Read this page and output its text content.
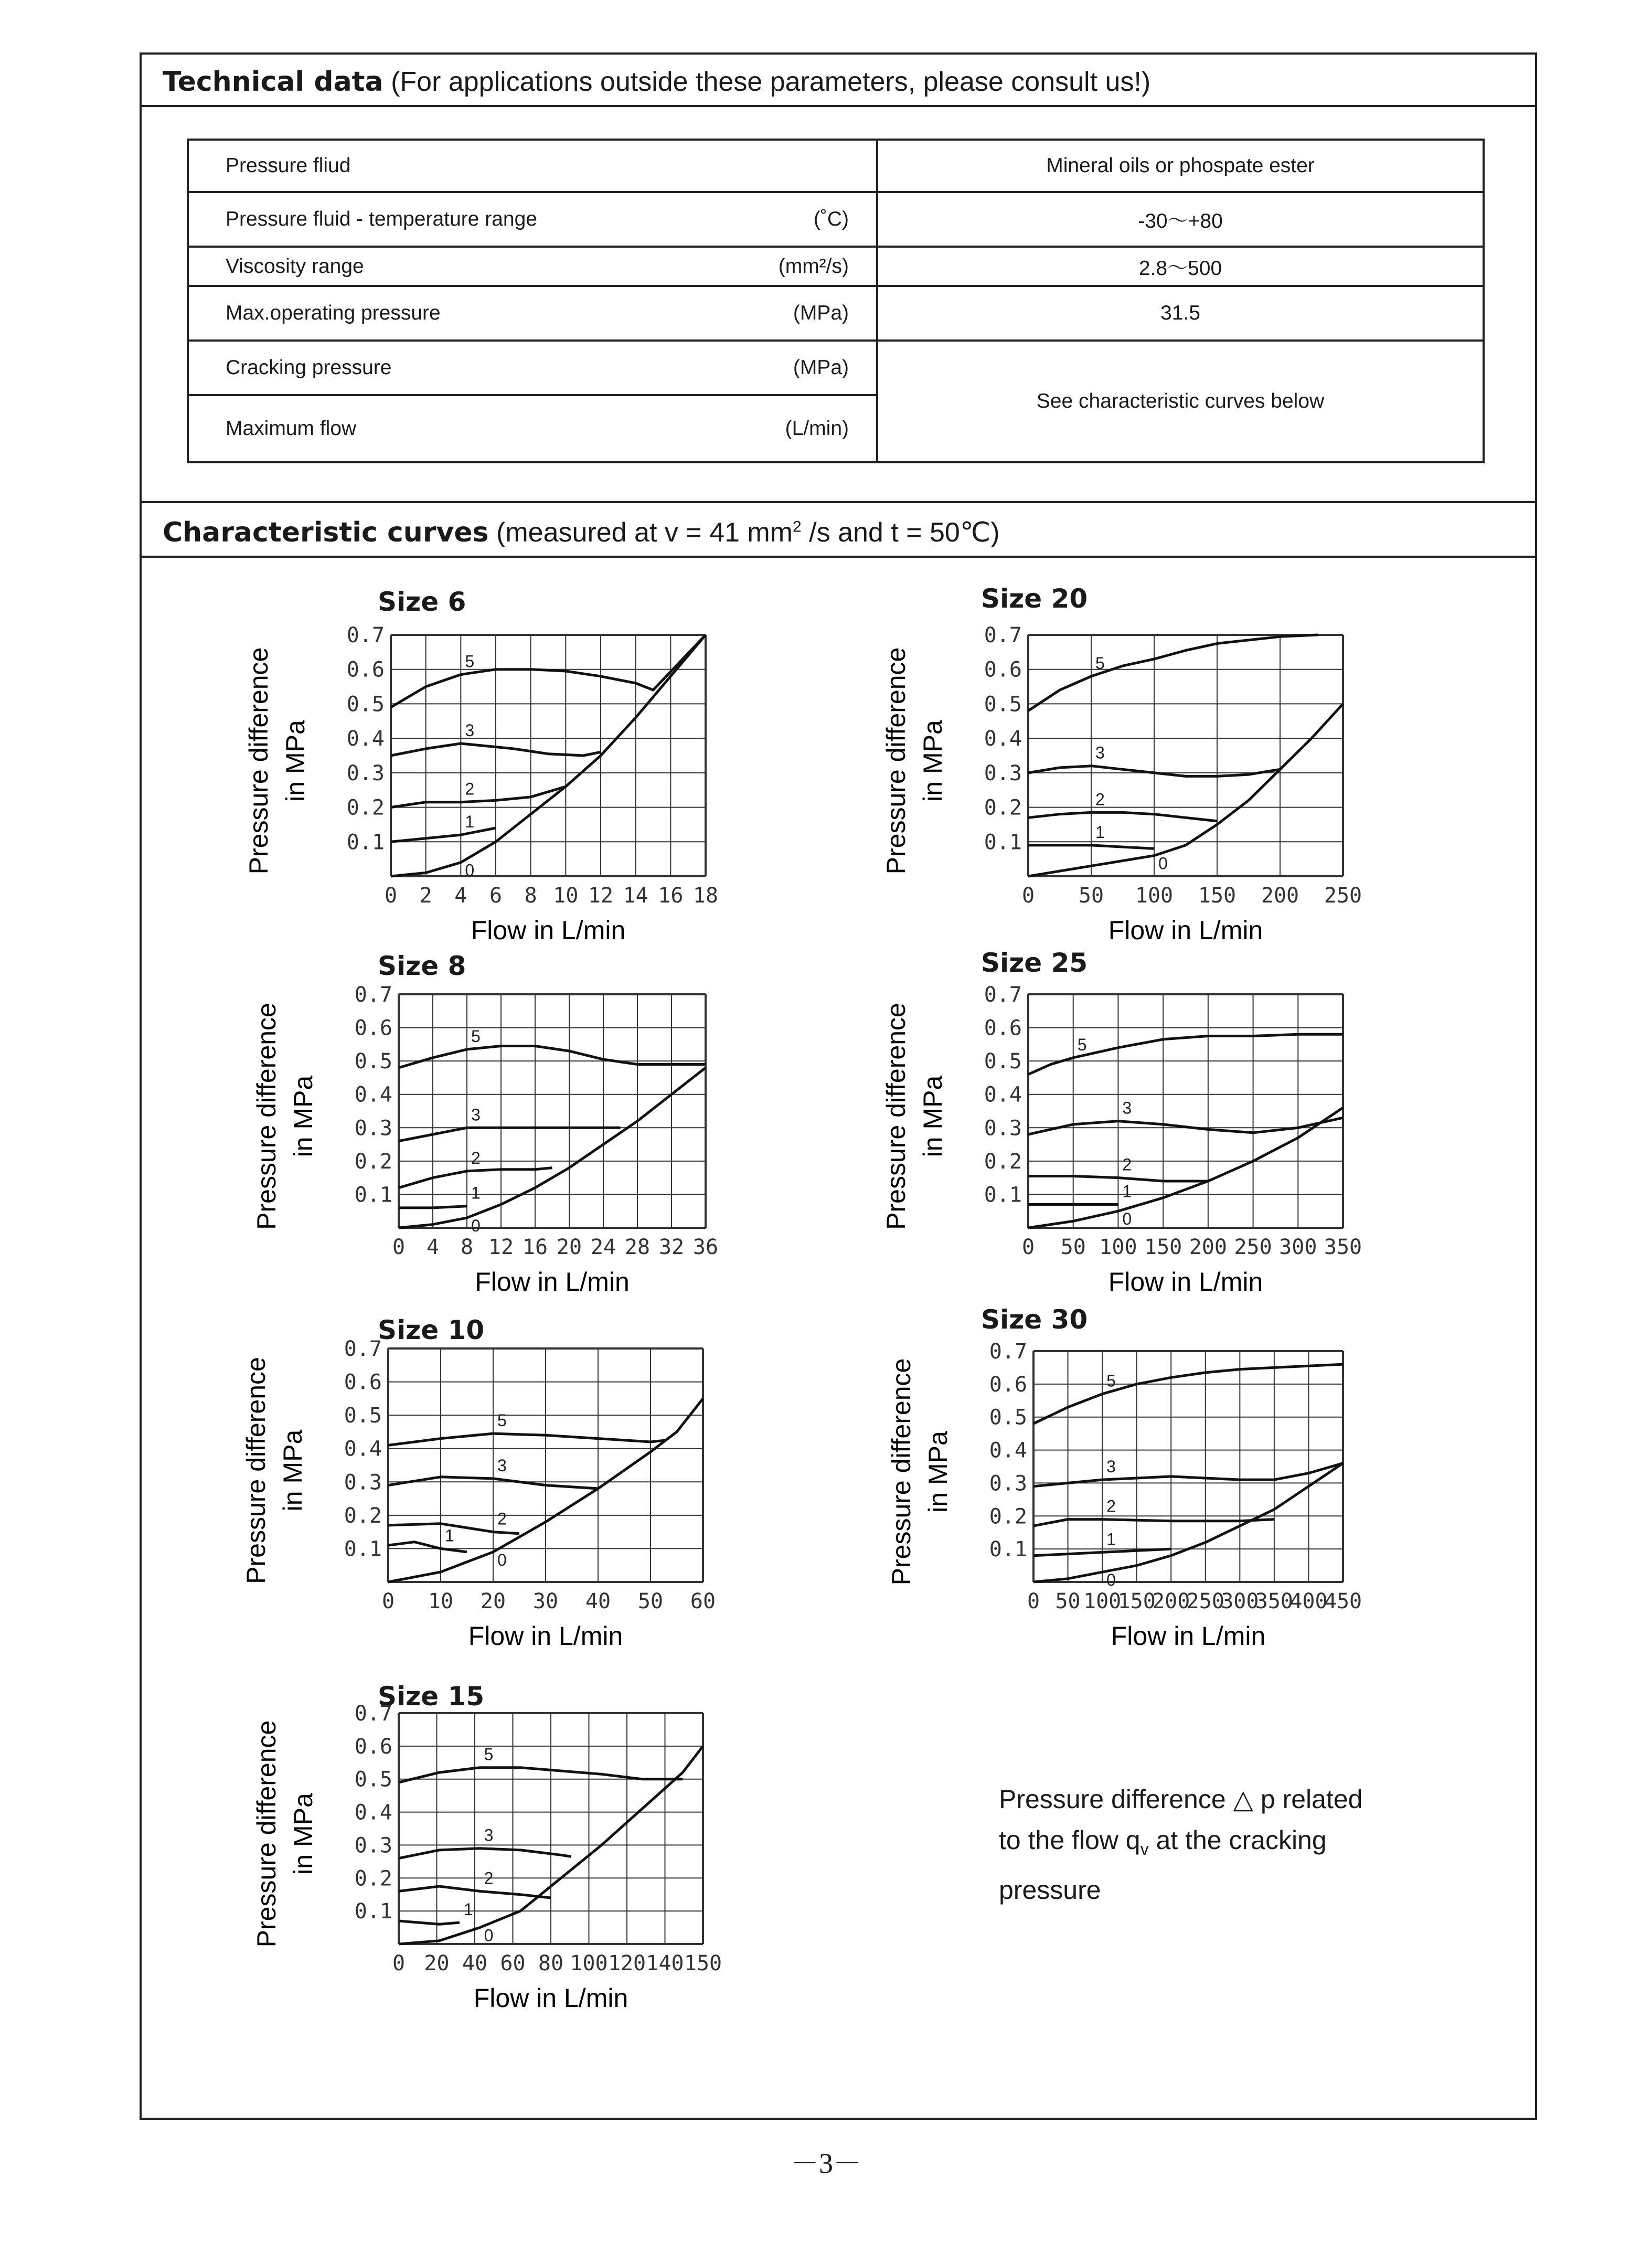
Technical data (For applications outside these parameters, please consult us!)
Pressure fliud	Mineral oils or phospate ester
Pressure fluid - temperature range (˚C)	-30～+80
Viscosity range (mm²/s)	2.8～500
Max.operating pressure (MPa)	31.5
Cracking pressure (MPa)	See characteristic curves below
Maximum flow (L/min)	
Characteristic curves (measured at v = 41 $mm^2$ /s and t = 50℃)
Size 6	Size 20
Size 8	Size 25
Size 10	Size 30
Size 15
0 2 4 6 8 10 12 14 16 18
0.1
0.2
0.3
0.4
0.5
0.6
0.7
5
3
2
1
0
Flow in L/min
Pressure difference in MPa
0 50 100 150 200 250
0.1
0.2
0.3
0.4
0.5
0.6
0.7
5
3
2
1
0
Flow in L/min
Pressure difference in MPa
0 4 8 12 16 20 24 28 32 36
0.1
0.2
0.3
0.4
0.5
0.6
0.7
5
3
2
1
0
Flow in L/min
Pressure difference in MPa
0 50 100 150 200 250 300 350
0.1
0.2
0.3
0.4
0.5
0.6
0.7
5
3
2
1
0
Flow in L/min
Pressure difference in MPa
0 10 20 30 40 50 60
0.1
0.2
0.3
0.4
0.5
0.6
0.7
5
3
2
1
0
Flow in L/min
Pressure difference in MPa
0 50 100
150
200
250
300
350
400
450
0.1
0.2
0.3
0.4
0.5
0.6
0.7
5
3
2
1
0
Flow in L/min
Pressure difference in MPa
0 20 40 60 80 100 120 140 150
0.1
0.2
0.3
0.4
0.5
0.6
0.7
5
3
2
1
0
Flow in L/min
Pressure difference in MPa	Pressure difference △ p related
to the flow $q_v$ at the cracking
pressure
－3－
